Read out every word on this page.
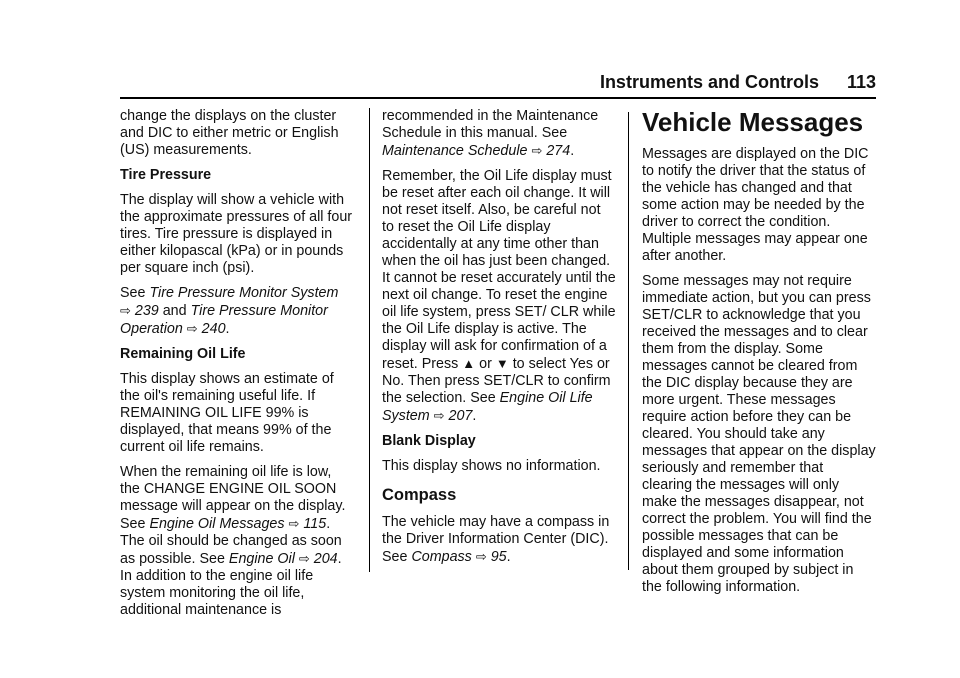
Instruments and Controls 113

change the displays on the cluster and DIC to either metric or English (US) measurements.

Tire Pressure

The display will show a vehicle with the approximate pressures of all four tires. Tire pressure is displayed in either kilopascal (kPa) or in pounds per square inch (psi).

See Tire Pressure Monitor System
⇨ 239 and Tire Pressure Monitor Operation ⇨ 240.

Remaining Oil Life

This display shows an estimate of the oil's remaining useful life. If REMAINING OIL LIFE 99% is displayed, that means 99% of the current oil life remains.

When the remaining oil life is low, the CHANGE ENGINE OIL SOON message will appear on the display. See Engine Oil Messages ⇨ 115.
The oil should be changed as soon as possible. See Engine Oil ⇨ 204.
In addition to the engine oil life system monitoring the oil life, additional maintenance is

recommended in the Maintenance Schedule in this manual. See
Maintenance Schedule ⇨ 274.

Remember, the Oil Life display must be reset after each oil change. It will not reset itself. Also, be careful not to reset the Oil Life display accidentally at any time other than when the oil has just been changed. It cannot be reset accurately until the next oil change. To reset the engine oil life system, press SET/ CLR while the Oil Life display is active. The display will ask for confirmation of a reset. Press ▲ or ▼ to select Yes or No. Then press SET/CLR to confirm the selection. See Engine Oil Life System ⇨ 207.

Blank Display

This display shows no information.

Compass

The vehicle may have a compass in the Driver Information Center (DIC). See Compass ⇨ 95.

Vehicle Messages

Messages are displayed on the DIC to notify the driver that the status of the vehicle has changed and that some action may be needed by the driver to correct the condition. Multiple messages may appear one after another.

Some messages may not require immediate action, but you can press SET/CLR to acknowledge that you received the messages and to clear them from the display. Some messages cannot be cleared from the DIC display because they are more urgent. These messages require action before they can be cleared. You should take any messages that appear on the display seriously and remember that clearing the messages will only make the messages disappear, not correct the problem. You will find the possible messages that can be displayed and some information about them grouped by subject in the following information.
